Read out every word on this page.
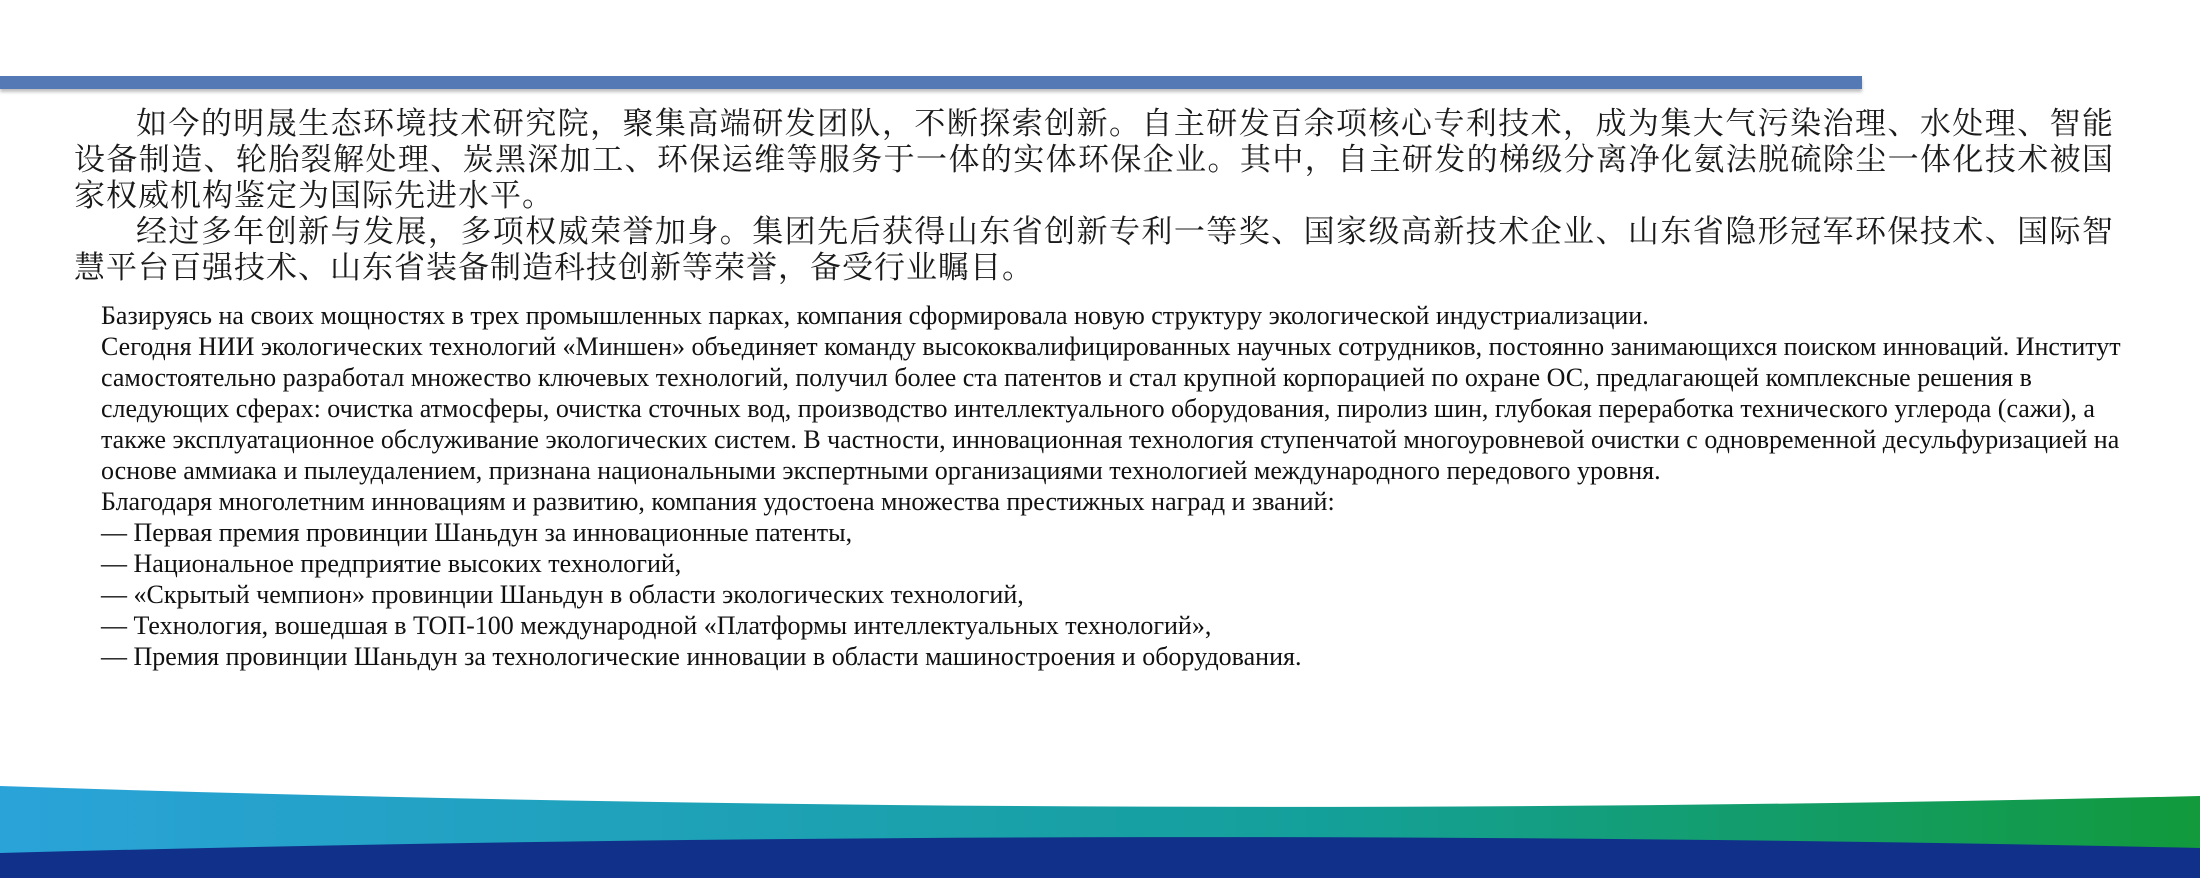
如今的明晟生态环境技术研究院，聚集高端研发团队，不断探索创新。自主研发百余项核心专利技术，成为集大气污染治理、水处理、智能设备制造、轮胎裂解处理、炭黑深加工、环保运维等服务于一体的实体环保企业。其中，自主研发的梯级分离净化氨法脱硫除尘一体化技术被国家权威机构鉴定为国际先进水平。

经过多年创新与发展，多项权威荣誉加身。集团先后获得山东省创新专利一等奖、国家级高新技术企业、山东省隐形冠军环保技术、国际智慧平台百强技术、山东省装备制造科技创新等荣誉，备受行业瞩目。

Базируясь на своих мощностях в трех промышленных парках, компания сформировала новую структуру экологической индустриализации.

Сегодня НИИ экологических технологий «Миншен» объединяет команду высококвалифицированных научных сотрудников, постоянно занимающихся поиском инноваций. Институт самостоятельно разработал множество ключевых технологий, получил более ста патентов и стал крупной корпорацией по охране ОС, предлагающей комплексные решения в следующих сферах: очистка атмосферы, очистка сточных вод, производство интеллектуального оборудования, пиролиз шин, глубокая переработка технического углерода (сажи), а также эксплуатационное обслуживание экологических систем. В частности, инновационная технология ступенчатой многоуровневой очистки с одновременной десульфуризацией на основе аммиака и пылеудалением, признана национальными экспертными организациями технологией международного передового уровня.

Благодаря многолетним инновациям и развитию, компания удостоена множества престижных наград и званий:

— Первая премия провинции Шаньдун за инновационные патенты,

— Национальное предприятие высоких технологий,

— «Скрытый чемпион» провинции Шаньдун в области экологических технологий,

— Технология, вошедшая в ТОП-100 международной «Платформы интеллектуальных технологий»,

— Премия провинции Шаньдун за технологические инновации в области машиностроения и оборудования.
